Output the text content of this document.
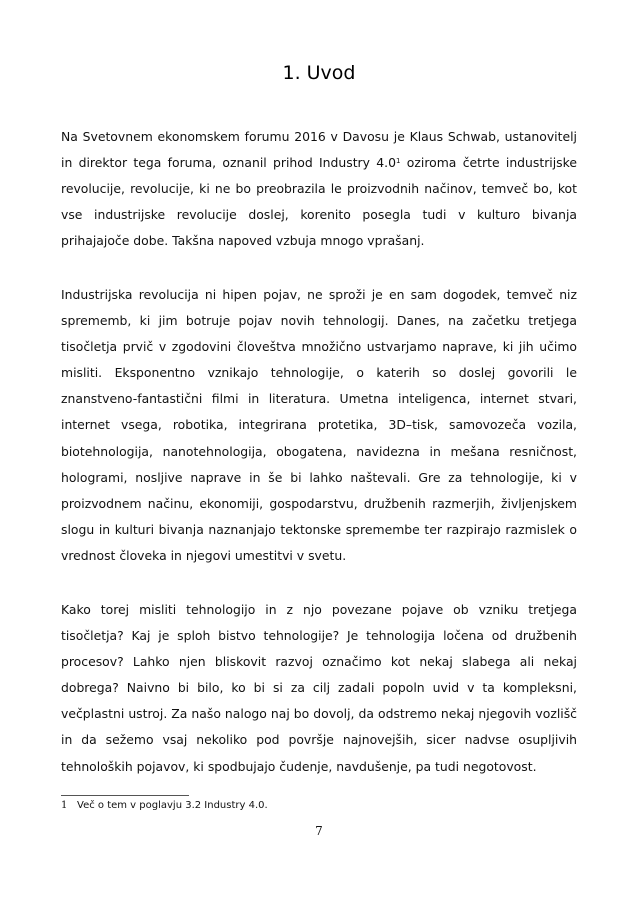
1. Uvod

Na Svetovnem ekonomskem forumu 2016 v Davosu je Klaus Schwab, ustanovitelj in direktor tega foruma, oznanil prihod Industry $4.0^1$ oziroma četrte industrijske revolucije, revolucije, ki ne bo preobrazila le proizvodnih načinov, temveč bo, kot vse industrijske revolucije doslej, korenito posegla tudi v kulturo bivanja prihajajoče dobe. Takšna napoved vzbuja mnogo vprašanj.

Industrijska revolucija ni hipen pojav, ne sproži je en sam dogodek, temveč niz sprememb, ki jim botruje pojav novih tehnologij. Danes, na začetku tretjega tisočletja prvič v zgodovini človeštva množično ustvarjamo naprave, ki jih učimo misliti. Eksponentno vznikajo tehnologije, o katerih so doslej govorili le znanstveno-fantastični filmi in literatura. Umetna inteligenca, internet stvari, internet vsega, robotika, integrirana protetika, 3D–tisk, samovozeča vozila, biotehnologija, nanotehnologija, obogatena, navidezna in mešana resničnost, hologrami, nosljive naprave in še bi lahko naštevali. Gre za tehnologije, ki v proizvodnem načinu, ekonomiji, gospodarstvu, družbenih razmerjih, življenjskem slogu in kulturi bivanja naznanjajo tektonske spremembe ter razpirajo razmislek o vrednost človeka in njegovi umestitvi v svetu.

Kako torej misliti tehnologijo in z njo povezane pojave ob vzniku tretjega tisočletja? Kaj je sploh bistvo tehnologije? Je tehnologija ločena od družbenih procesov? Lahko njen bliskovit razvoj označimo kot nekaj slabega ali nekaj dobrega? Naivno bi bilo, ko bi si za cilj zadali popoln uvid v ta kompleksni, večplastni ustroj. Za našo nalogo naj bo dovolj, da odstremo nekaj njegovih vozlišč in da sežemo vsaj nekoliko pod površje najnovejših, sicer nadvse osupljivih tehnoloških pojavov, ki spodbujajo čudenje, navdušenje, pa tudi negotovost.

1 Več o tem v poglavju 3.2 Industry 4.0.
7
